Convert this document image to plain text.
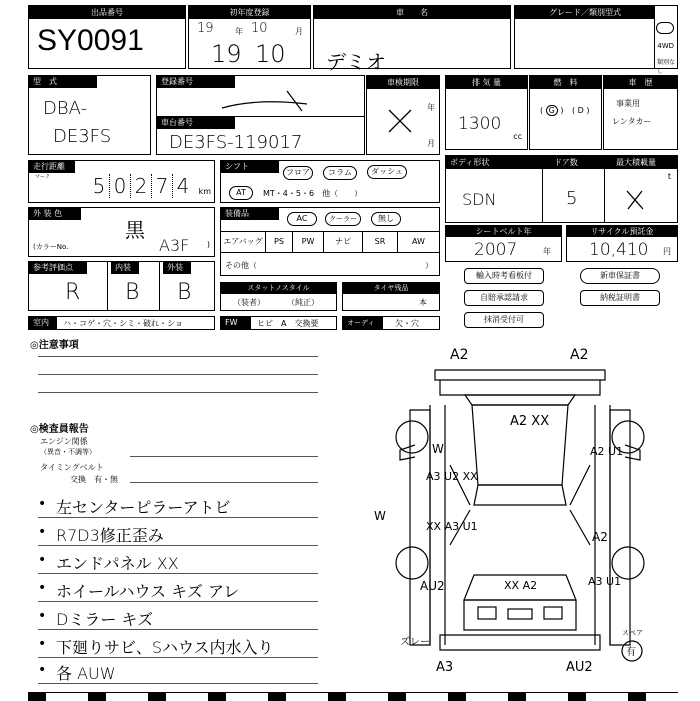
出品番号
SY0091
初年度登録
19	年 10	月
19 10
車　　名
デミオ
グレード／類別型式
4WD
類別なし
型　式
DBA-
DE3FS
登録番号
車台番号
DE3FS-119017
車検期限
年
月
排 気 量
1300
cc
燃　料
( G ) ( D )
車　歴
事業用
レンタカー
走行距離
マーク 5 0 2 7 4	km
シフト
フロア	コラム	ダッシュ
AT	MT・4・5・6　 他（　　 ）
ボディ形状	ドア数	最大積載量
SDN	5
t
外 装 色
黒
(カラーNo.	A3F )
装備品
AC	クーラー	無し
エアバッグ	PS	PW	ナビ	SR	AW
その他（	）
シートベルト年
2007	年
リサイクル預託金
10,410 円
輸入時考看板付	新車保証書
自賠承認請求	納税証明書
抹消受付可
参考評価点	内装	外装
R B B	スタットノスタイル
（装者）	（純正）
タイヤ残品
本
室内	ハ・コゲ・穴・シミ・破れ・ショ	FW	ヒビ　A　交換要	オーディオ
欠・穴
◎注意事項
◎検査員報告
エンジン関係
（異音・不調等）
タイミングベルト
交換　有・無
• 左センターピラーアトビ
• R7D3修正歪み
• エンドパネル XX
• ホイールハウス キズ アレ
• Dミラー キズ
• 下廻りサビ、Sハウス内水入り
• 各 AUW
A2	A2
A2 XX
W
A3 U2 XX
W
XX A3 U1
A2 U1
A2
AU2	A3 U1
XX A2
A3	AU2
ズレー
スペア
有
